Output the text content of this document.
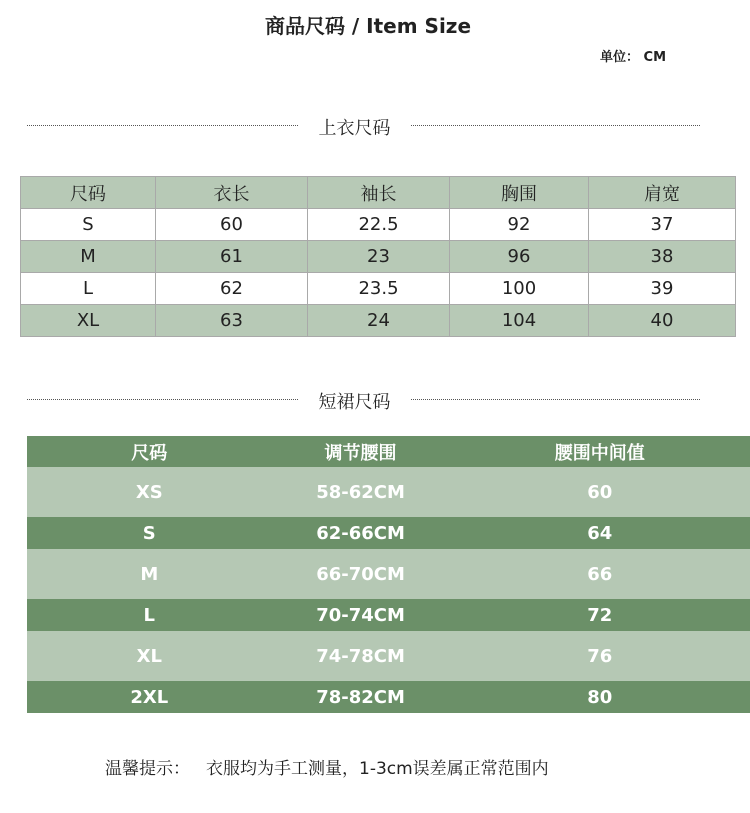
商品尺码 / Item Size
单位： CM
上衣尺码
尺码	衣长	袖长	胸围	肩宽
S	60	22.5	92	37
M	61	23	96	38
L	62	23.5	100	39
XL	63	24	104	40
短裙尺码
尺码	调节腰围	腰围中间值
XS	58-62CM	60
S	62-66CM	64
M	66-70CM	66
L	70-74CM	72
XL	74-78CM	76
2XL	78-82CM	80
温馨提示： 衣服均为手工测量，1-3cm误差属正常范围内
